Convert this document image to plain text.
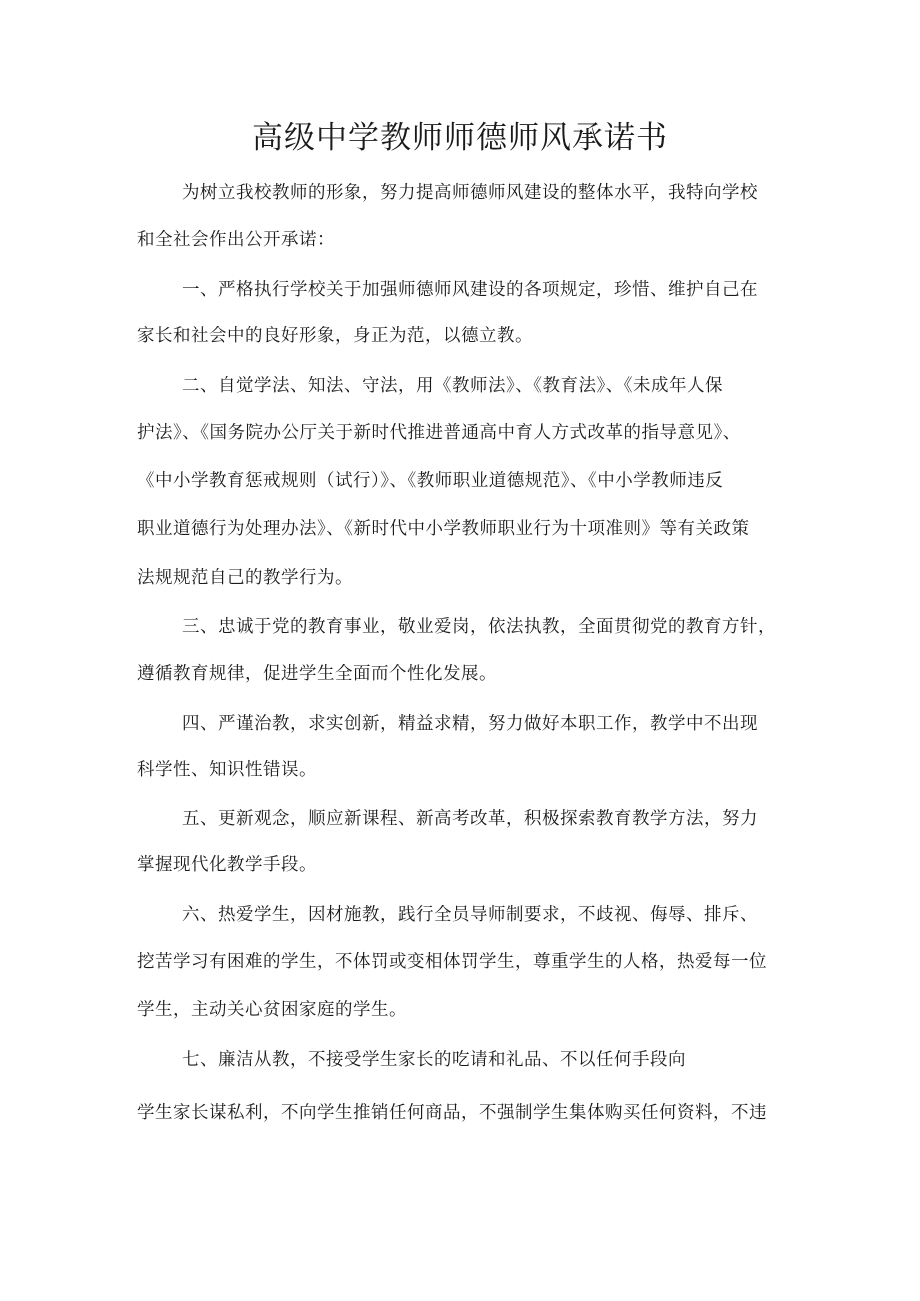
高级中学教师师德师风承诺书
为树立我校教师的形象，努力提高师德师风建设的整体水平，我特向学校
和全社会作出公开承诺：
一、严格执行学校关于加强师德师风建设的各项规定，珍惜、维护自己在
家长和社会中的良好形象，身正为范，以德立教。
二、自觉学法、知法、守法，用《教师法》、《教育法》、《未成年人保
护法》、《国务院办公厅关于新时代推进普通高中育人方式改革的指导意见》、
《中小学教育惩戒规则（试行）》、《教师职业道德规范》、《中小学教师违反
职业道德行为处理办法》、《新时代中小学教师职业行为十项准则》等有关政策
法规规范自己的教学行为。
三、忠诚于党的教育事业，敬业爱岗，依法执教，全面贯彻党的教育方针，
遵循教育规律，促进学生全面而个性化发展。
四、严谨治教，求实创新，精益求精，努力做好本职工作，教学中不出现
科学性、知识性错误。
五、更新观念，顺应新课程、新高考改革，积极探索教育教学方法，努力
掌握现代化教学手段。
六、热爱学生，因材施教，践行全员导师制要求，不歧视、侮辱、排斥、
挖苦学习有困难的学生，不体罚或变相体罚学生，尊重学生的人格，热爱每一位
学生，主动关心贫困家庭的学生。
七、廉洁从教，不接受学生家长的吃请和礼品、不以任何手段向
学生家长谋私利，不向学生推销任何商品，不强制学生集体购买任何资料，不违
